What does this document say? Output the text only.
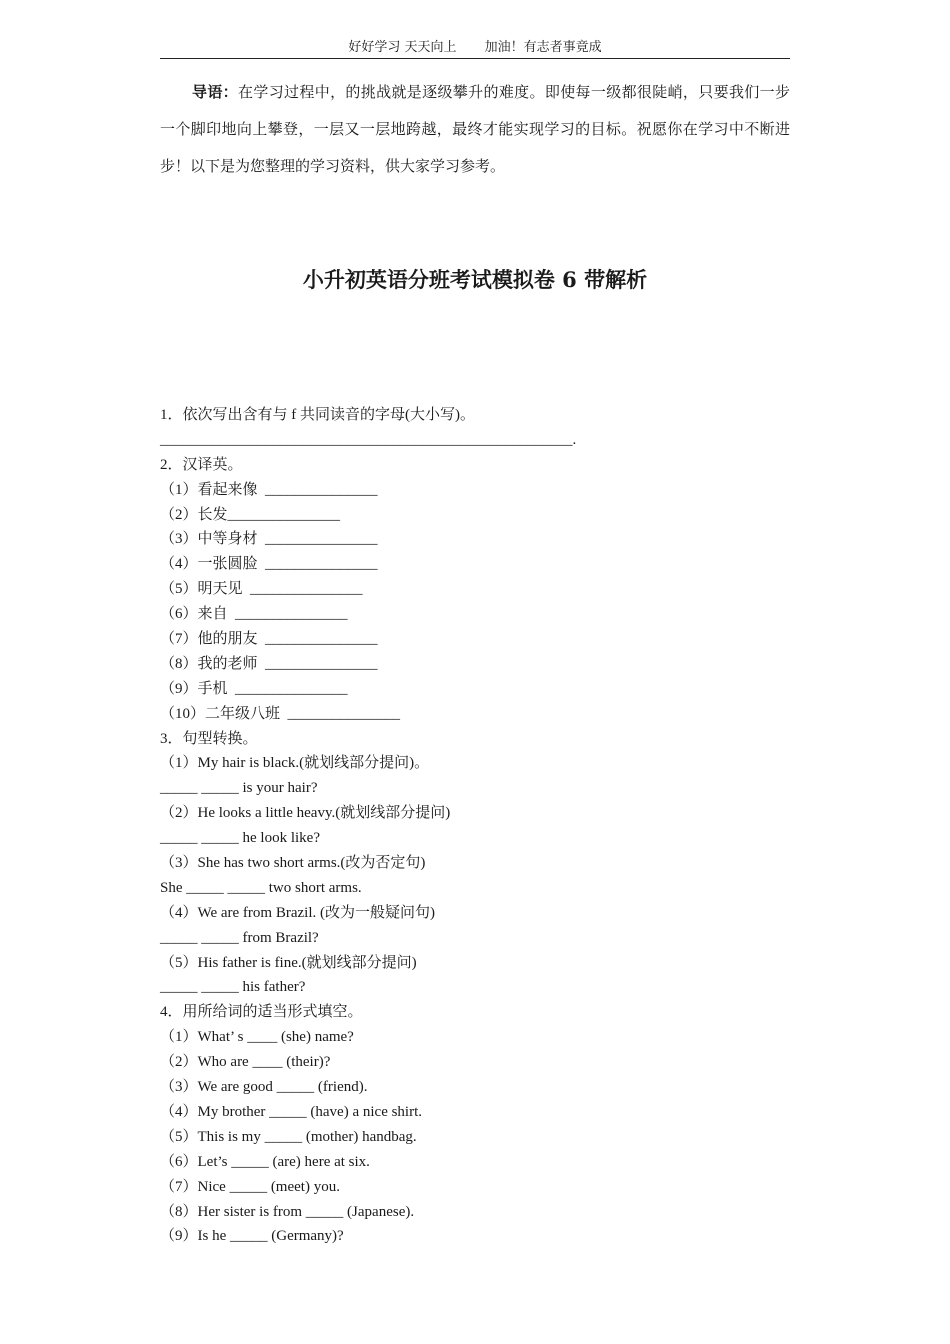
好好学习 天天向上 加油！有志者事竟成
导语：在学习过程中，的挑战就是逐级攀升的难度。即使每一级都很陡峭，只要我们一步一个脚印地向上攀登，一层又一层地跨越，最终才能实现学习的目标。祝愿你在学习中不断进步！以下是为您整理的学习资料，供大家学习参考。
小升初英语分班考试模拟卷 6 带解析
1．依次写出含有与 f 共同读音的字母(大小写)。
_______________________________________________________.
2．汉译英。
（1）看起来像  _______________
（2）长发_______________
（3）中等身材  _______________
（4）一张圆脸  _______________
（5）明天见  _______________
（6）来自  _______________
（7）他的朋友  _______________
（8）我的老师  _______________
（9）手机  _______________
（10）二年级八班  _______________
3．句型转换。
（1）My hair is black.(就划线部分提问)。
_____ _____ is your hair?
（2）He looks a little heavy.(就划线部分提问)
_____ _____ he look like?
（3）She has two short arms.(改为否定句)
She _____ _____ two short arms.
（4）We are from Brazil. (改为一般疑问句)
_____ _____ from Brazil?
（5）His father is fine.(就划线部分提问)
_____ _____ his father?
4．用所给词的适当形式填空。
（1）What’ s ____ (she) name?
（2）Who are ____ (their)?
（3）We are good _____ (friend).
（4）My brother _____ (have) a nice shirt.
（5）This is my _____ (mother) handbag.
（6）Let’s _____ (are) here at six.
（7）Nice _____ (meet) you.
（8）Her sister is from _____ (Japanese).
（9）Is he _____ (Germany)?
